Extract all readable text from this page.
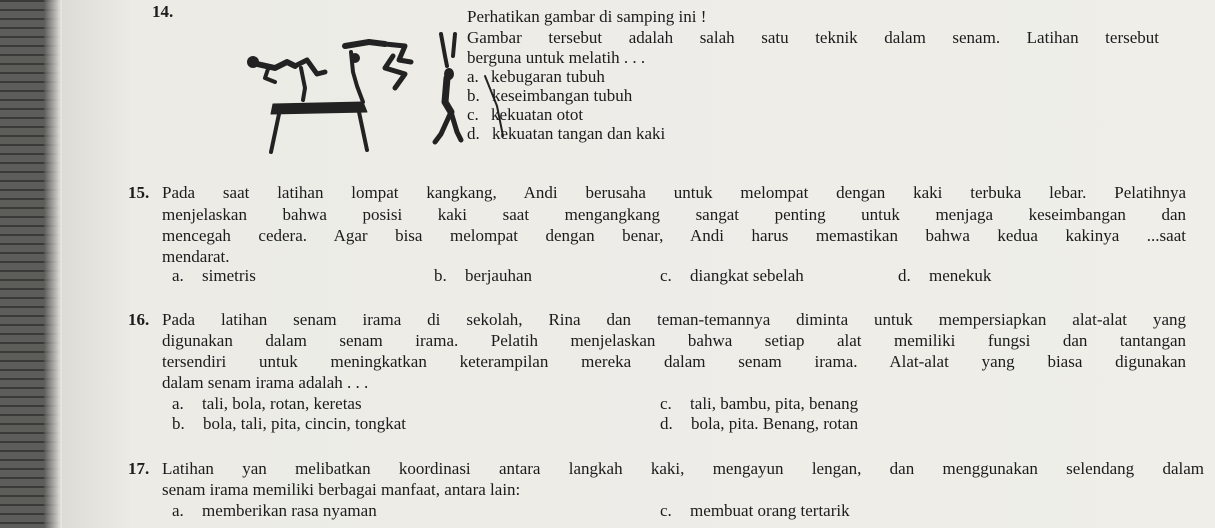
14.	Perhatikan gambar di samping ini !
Gambar tersebut adalah salah satu teknik dalam senam. Latihan tersebut
berguna untuk melatih . . .
a. kebugaran tubuh
b. keseimbangan tubuh
c. kekuatan otot
d. kekuatan tangan dan kaki
15. Pada saat latihan lompat kangkang, Andi berusaha untuk melompat dengan kaki terbuka lebar. Pelatihnya
menjelaskan bahwa posisi kaki saat mengangkang sangat penting untuk menjaga keseimbangan dan
mencegah cedera. Agar bisa melompat dengan benar, Andi harus memastikan bahwa kedua kakinya ...saat
mendarat.
a. simetris	b. berjauhan	c. diangkat sebelah	d. menekuk
16. Pada latihan senam irama di sekolah, Rina dan teman-temannya diminta untuk mempersiapkan alat-alat yang
digunakan dalam senam irama. Pelatih menjelaskan bahwa setiap alat memiliki fungsi dan tantangan
tersendiri untuk meningkatkan keterampilan mereka dalam senam irama. Alat-alat yang biasa digunakan
dalam senam irama adalah . . .
a. tali, bola, rotan, keretas
b. bola, tali, pita, cincin, tongkat
c. tali, bambu, pita, benang
d. bola, pita. Benang, rotan
17. Latihan yan melibatkan koordinasi antara langkah kaki, mengayun lengan, dan menggunakan selendang dalam
senam irama memiliki berbagai manfaat, antara lain:
a. memberikan rasa nyaman	c. membuat orang tertarik
